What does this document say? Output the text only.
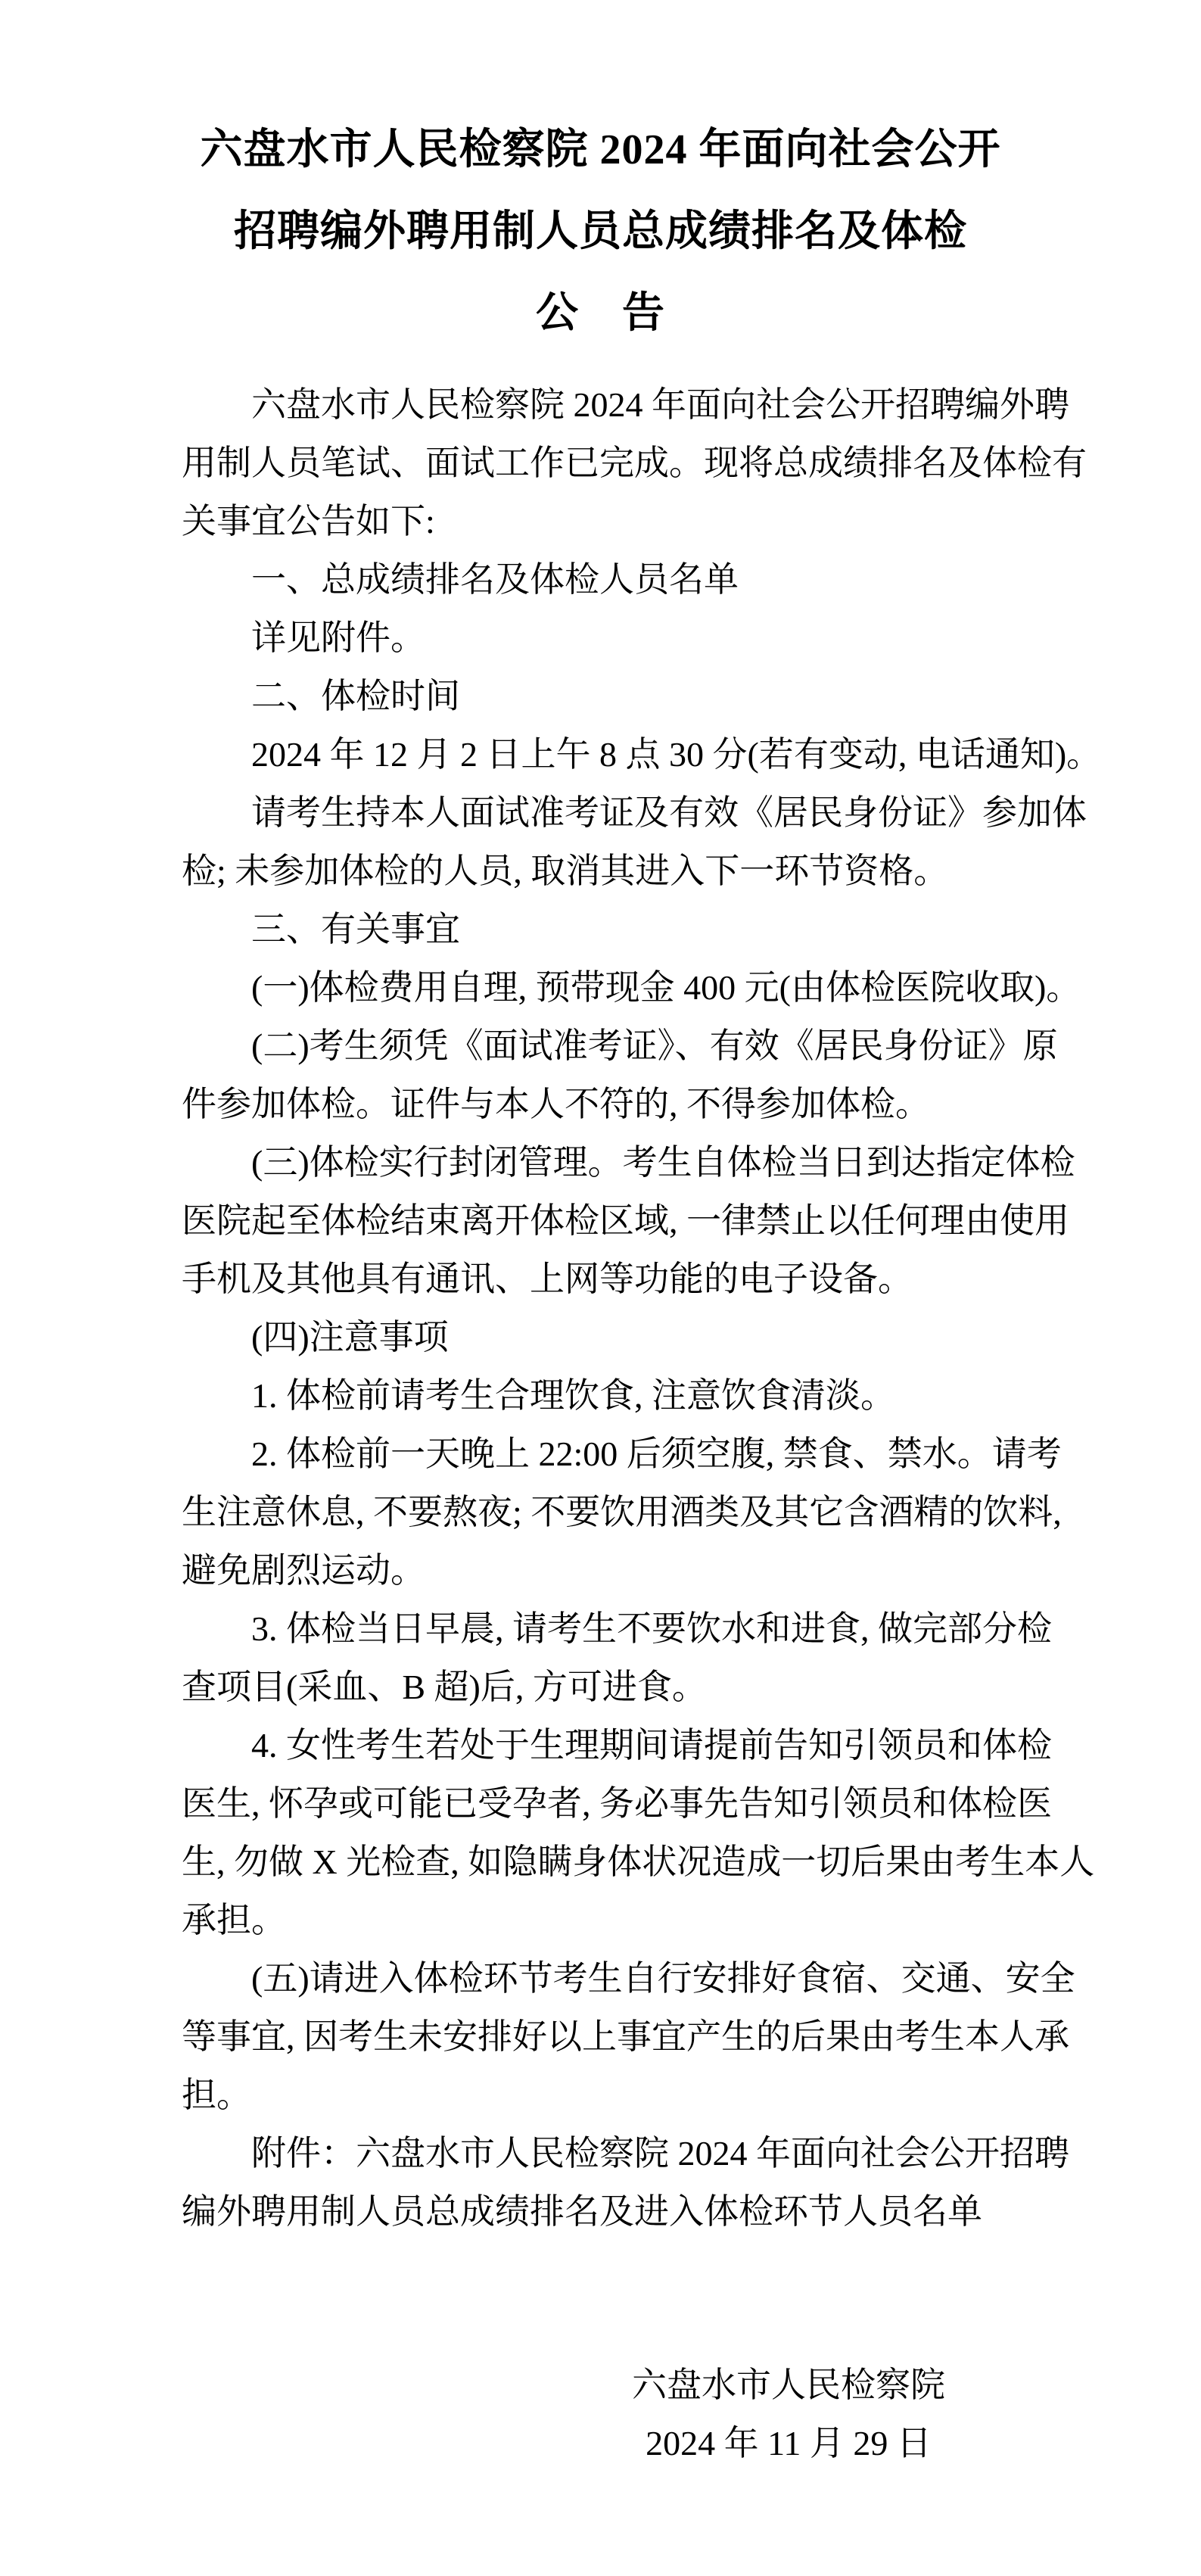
六盘水市人民检察院 2024 年面向社会公开
招聘编外聘用制人员总成绩排名及体检
公　告
六盘水市人民检察院 2024 年面向社会公开招聘编外聘
用制人员笔试、面试工作已完成。现将总成绩排名及体检有
关事宜公告如下:
一、总成绩排名及体检人员名单
详见附件。
二、体检时间
2024 年 12 月 2 日上午 8 点 30 分(若有变动, 电话通知)。
请考生持本人面试准考证及有效《居民身份证》参加体
检; 未参加体检的人员, 取消其进入下一环节资格。
三、有关事宜
(一)体检费用自理, 预带现金 400 元(由体检医院收取)。
(二)考生须凭《面试准考证》、有效《居民身份证》原
件参加体检。证件与本人不符的, 不得参加体检。
(三)体检实行封闭管理。考生自体检当日到达指定体检
医院起至体检结束离开体检区域, 一律禁止以任何理由使用
手机及其他具有通讯、上网等功能的电子设备。
(四)注意事项
1. 体检前请考生合理饮食, 注意饮食清淡。
2. 体检前一天晚上 22:00 后须空腹, 禁食、禁水。请考
生注意休息, 不要熬夜; 不要饮用酒类及其它含酒精的饮料,
避免剧烈运动。
3. 体检当日早晨, 请考生不要饮水和进食, 做完部分检
查项目(采血、B 超)后, 方可进食。
4. 女性考生若处于生理期间请提前告知引领员和体检
医生, 怀孕或可能已受孕者, 务必事先告知引领员和体检医
生, 勿做 X 光检查, 如隐瞒身体状况造成一切后果由考生本人
承担。
(五)请进入体检环节考生自行安排好食宿、交通、安全
等事宜, 因考生未安排好以上事宜产生的后果由考生本人承
担。
附件：六盘水市人民检察院 2024 年面向社会公开招聘
编外聘用制人员总成绩排名及进入体检环节人员名单
六盘水市人民检察院
2024 年 11 月 29 日
